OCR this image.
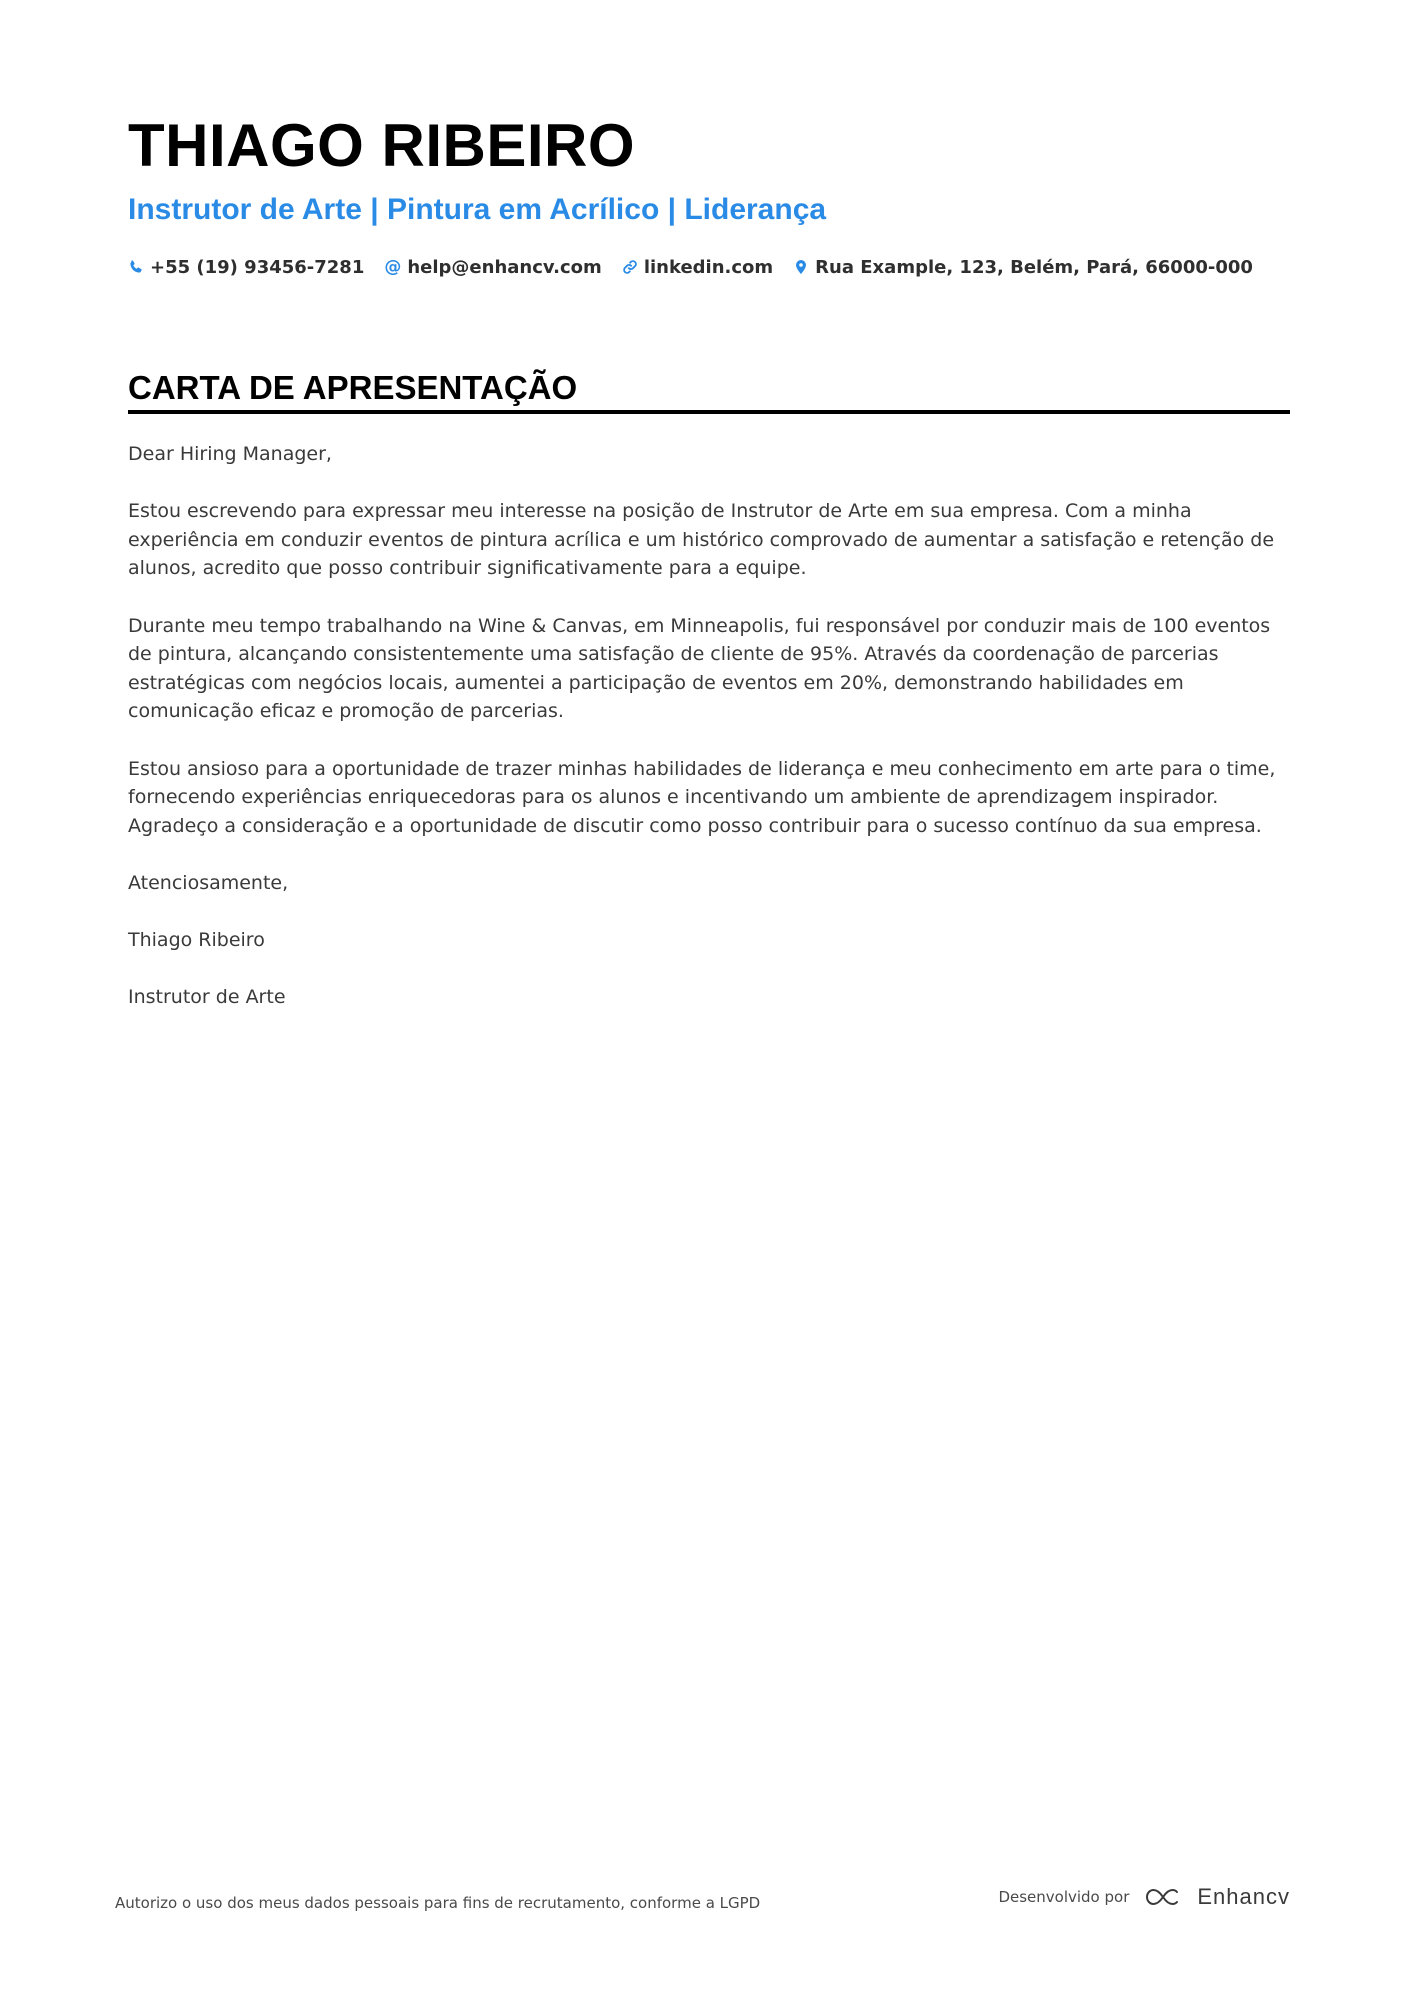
THIAGO RIBEIRO
Instrutor de Arte | Pintura em Acrílico | Liderança
+55 (19) 93456-7281 @ help@enhancv.com linkedin.com Rua Example, 123, Belém, Pará, 66000-000
CARTA DE APRESENTAÇÃO

Dear Hiring Manager,

Estou escrevendo para expressar meu interesse na posição de Instrutor de Arte em sua empresa. Com a minha experiência em conduzir eventos de pintura acrílica e um histórico comprovado de aumentar a satisfação e retenção de alunos, acredito que posso contribuir significativamente para a equipe.

Durante meu tempo trabalhando na Wine & Canvas, em Minneapolis, fui responsável por conduzir mais de 100 eventos de pintura, alcançando consistentemente uma satisfação de cliente de 95%. Através da coordenação de parcerias estratégicas com negócios locais, aumentei a participação de eventos em 20%, demonstrando habilidades em comunicação eficaz e promoção de parcerias.

Estou ansioso para a oportunidade de trazer minhas habilidades de liderança e meu conhecimento em arte para o time, fornecendo experiências enriquecedoras para os alunos e incentivando um ambiente de aprendizagem inspirador. Agradeço a consideração e a oportunidade de discutir como posso contribuir para o sucesso contínuo da sua empresa.

Atenciosamente,

Thiago Ribeiro

Instrutor de Arte

Autorizo o uso dos meus dados pessoais para fins de recrutamento, conforme a LGPD	Desenvolvido por	Enhancv
